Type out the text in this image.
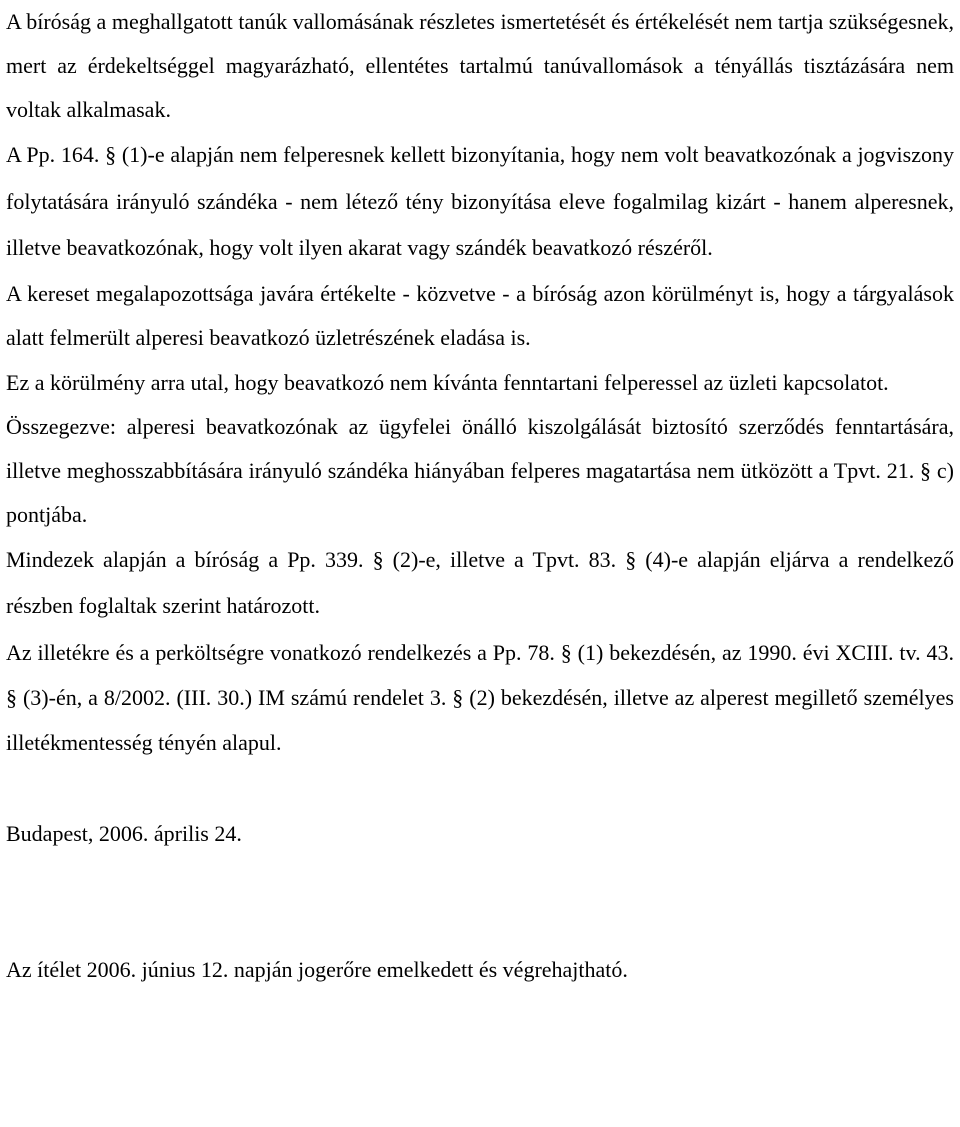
A bíróság a meghallgatott tanúk vallomásának részletes ismertetését és értékelését nem tartja szükségesnek, mert az érdekeltséggel magyarázható, ellentétes tartalmú tanúvallomások a tényállás tisztázására nem voltak alkalmasak.

A Pp. 164. § (1)-e alapján nem felperesnek kellett bizonyítania, hogy nem volt beavatkozónak a jogviszony folytatására irányuló szándéka - nem létező tény bizonyítása eleve fogalmilag kizárt - hanem alperesnek, illetve beavatkozónak, hogy volt ilyen akarat vagy szándék beavatkozó részéről.

A kereset megalapozottsága javára értékelte - közvetve - a bíróság azon körülményt is, hogy a tárgyalások alatt felmerült alperesi beavatkozó üzletrészének eladása is.

Ez a körülmény arra utal, hogy beavatkozó nem kívánta fenntartani felperessel az üzleti kapcsolatot.

Összegezve: alperesi beavatkozónak az ügyfelei önálló kiszolgálását biztosító szerződés fenntartására, illetve meghosszabbítására irányuló szándéka hiányában felperes magatartása nem ütközött a Tpvt. 21. § c) pontjába.

Mindezek alapján a bíróság a Pp. 339. § (2)-e, illetve a Tpvt. 83. § (4)-e alapján eljárva a rendelkező részben foglaltak szerint határozott.

Az illetékre és a perköltségre vonatkozó rendelkezés a Pp. 78. § (1) bekezdésén, az 1990. évi XCIII. tv. 43. § (3)-én, a 8/2002. (III. 30.) IM számú rendelet 3. § (2) bekezdésén, illetve az alperest megillető személyes illetékmentesség tényén alapul.

Budapest, 2006. április 24.

Az ítélet 2006. június 12. napján jogerőre emelkedett és végrehajtható.
